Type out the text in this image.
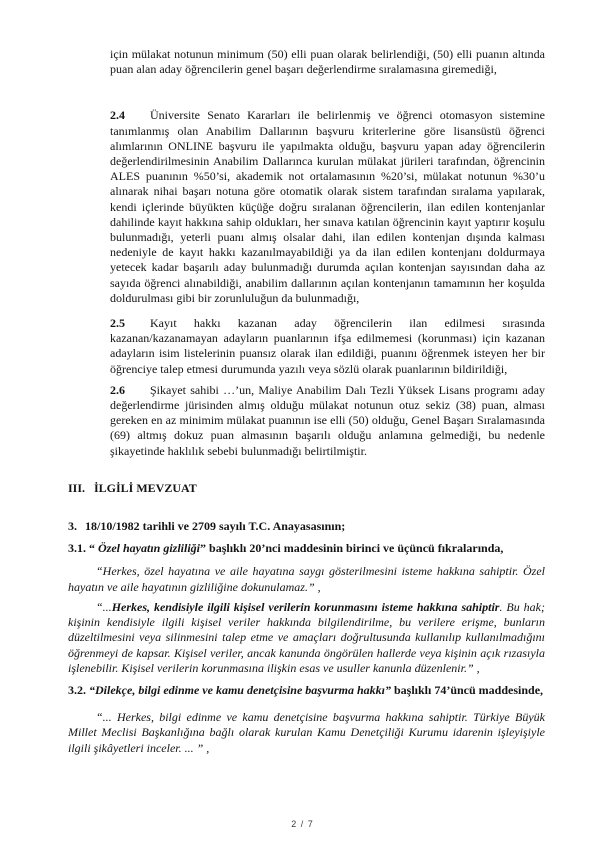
için mülakat notunun minimum (50) elli puan olarak belirlendiği, (50) elli puanın altında puan alan aday öğrencilerin genel başarı değerlendirme sıralamasına giremediği,

2.4 Üniversite Senato Kararları ile belirlenmiş ve öğrenci otomasyon sistemine tanımlanmış olan Anabilim Dallarının başvuru kriterlerine göre lisansüstü öğrenci alımlarının ONLINE başvuru ile yapılmakta olduğu, başvuru yapan aday öğrencilerin değerlendirilmesinin Anabilim Dallarınca kurulan mülakat jürileri tarafından, öğrencinin ALES puanının %50’si, akademik not ortalamasının %20’si, mülakat notunun %30’u alınarak nihai başarı notuna göre otomatik olarak sistem tarafından sıralama yapılarak, kendi içlerinde büyükten küçüğe doğru sıralanan öğrencilerin, ilan edilen kontenjanlar dahilinde kayıt hakkına sahip oldukları, her sınava katılan öğrencinin kayıt yaptırır koşulu bulunmadığı, yeterli puanı almış olsalar dahi, ilan edilen kontenjan dışında kalması nedeniyle de kayıt hakkı kazanılmayabildiği ya da ilan edilen kontenjanı doldurmaya yetecek kadar başarılı aday bulunmadığı durumda açılan kontenjan sayısından daha az sayıda öğrenci alınabildiği, anabilim dallarının açılan kontenjanın tamamının her koşulda doldurulması gibi bir zorunluluğun da bulunmadığı,

2.5 Kayıt hakkı kazanan aday öğrencilerin ilan edilmesi sırasında kazanan/kazanamayan adayların puanlarının ifşa edilmemesi (korunması) için kazanan adayların isim listelerinin puansız olarak ilan edildiği, puanını öğrenmek isteyen her bir öğrenciye talep etmesi durumunda yazılı veya sözlü olarak puanlarının bildirildiği,

2.6 Şikayet sahibi …’un, Maliye Anabilim Dalı Tezli Yüksek Lisans programı aday değerlendirme jürisinden almış olduğu mülakat notunun otuz sekiz (38) puan, alması gereken en az minimim mülakat puanının ise elli (50) olduğu, Genel Başarı Sıralamasında (69) altmış dokuz puan almasının başarılı olduğu anlamına gelmediği, bu nedenle şikayetinde haklılık sebebi bulunmadığı belirtilmiştir.

III. İLGİLİ MEVZUAT

3. 18/10/1982 tarihli ve 2709 sayılı T.C. Anayasasının;

3.1. “ Özel hayatın gizliliği” başlıklı 20’nci maddesinin birinci ve üçüncü fıkralarında,

“Herkes, özel hayatına ve aile hayatına saygı gösterilmesini isteme hakkına sahiptir. Özel hayatın ve aile hayatının gizliliğine dokunulamaz.” ,

“...Herkes, kendisiyle ilgili kişisel verilerin korunmasını isteme hakkına sahiptir. Bu hak; kişinin kendisiyle ilgili kişisel veriler hakkında bilgilendirilme, bu verilere erişme, bunların düzeltilmesini veya silinmesini talep etme ve amaçları doğrultusunda kullanılıp kullanılmadığını öğrenmeyi de kapsar. Kişisel veriler, ancak kanunda öngörülen hallerde veya kişinin açık rızasıyla işlenebilir. Kişisel verilerin korunmasına ilişkin esas ve usuller kanunla düzenlenir.” ,

3.2. “Dilekçe, bilgi edinme ve kamu denetçisine başvurma hakkı” başlıklı 74’üncü maddesinde,

“... Herkes, bilgi edinme ve kamu denetçisine başvurma hakkına sahiptir. Türkiye Büyük Millet Meclisi Başkanlığına bağlı olarak kurulan Kamu Denetçiliği Kurumu idarenin işleyişiyle ilgili şikâyetleri inceler. ... ” ,

2 / 7
